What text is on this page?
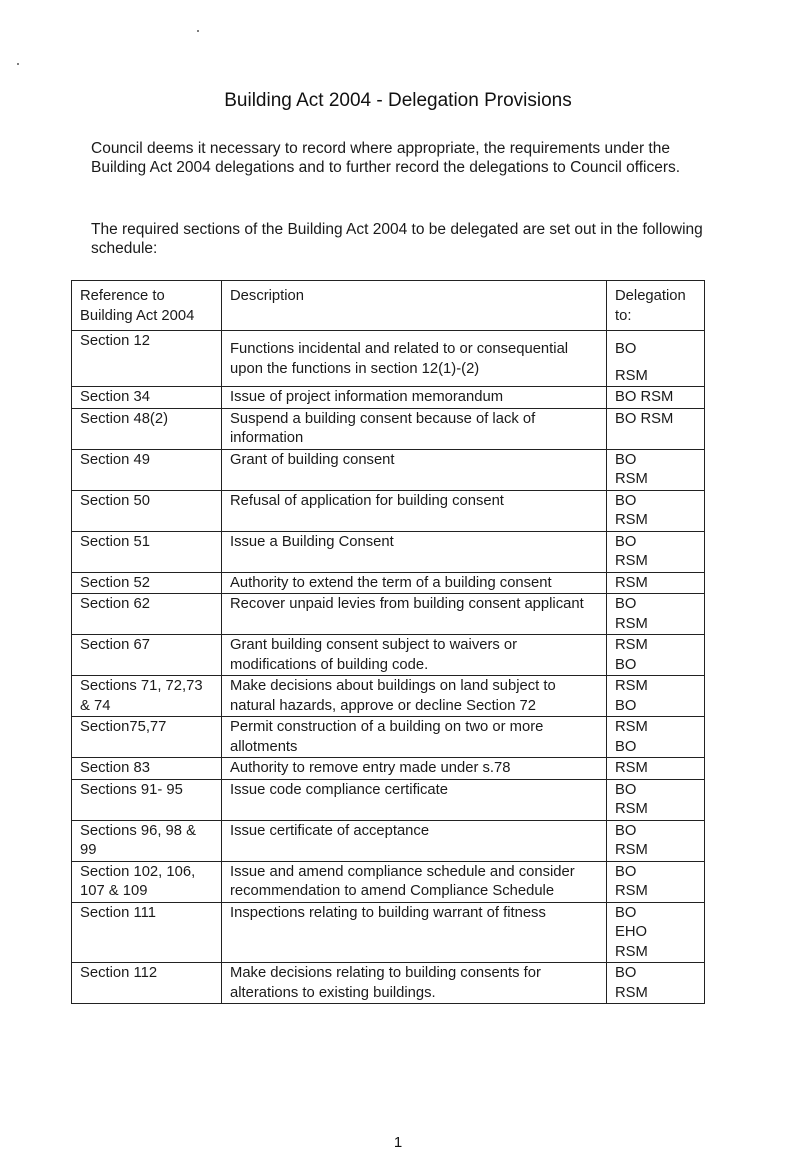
Building Act 2004 - Delegation Provisions
Council deems it necessary to record where appropriate, the requirements under the Building Act 2004 delegations and to further record the delegations to Council officers.
The required sections of the Building Act 2004 to be delegated are set out in the following schedule:
Reference to Building Act 2004	Description	Delegation to:
Section 12	Functions incidental and related to or consequential upon the functions in section 12(1)-(2)	BO
RSM

Section 34	Issue of project information memorandum	BO RSM

Section 48(2)	Suspend a building consent because of lack of information	BO RSM

Section 49	Grant of building consent	BO
RSM

Section 50	Refusal of application for building consent	BO
RSM

Section 51	Issue a Building Consent	BO
RSM

Section 52	Authority to extend the term of a building consent	RSM

Section 62	Recover unpaid levies from building consent applicant	BO
RSM

Section 67	Grant building consent subject to waivers or modifications of building code.	RSM
BO

Sections 71, 72,73 & 74	Make decisions about buildings on land subject to natural hazards, approve or decline Section 72	RSM
BO

Section75,77	Permit construction of a building on two or more allotments	RSM
BO

Section 83	Authority to remove entry made under s.78	RSM

Sections 91- 95	Issue code compliance certificate	BO
RSM

Sections 96, 98 & 99	Issue certificate of acceptance	BO
RSM

Section 102, 106, 107 & 109	Issue and amend compliance schedule and consider recommendation to amend Compliance Schedule	BO
RSM

Section 111	Inspections relating to building warrant of fitness	BO
EHO
RSM

Section 112	Make decisions relating to building consents for alterations to existing buildings.	BO
RSM
1
